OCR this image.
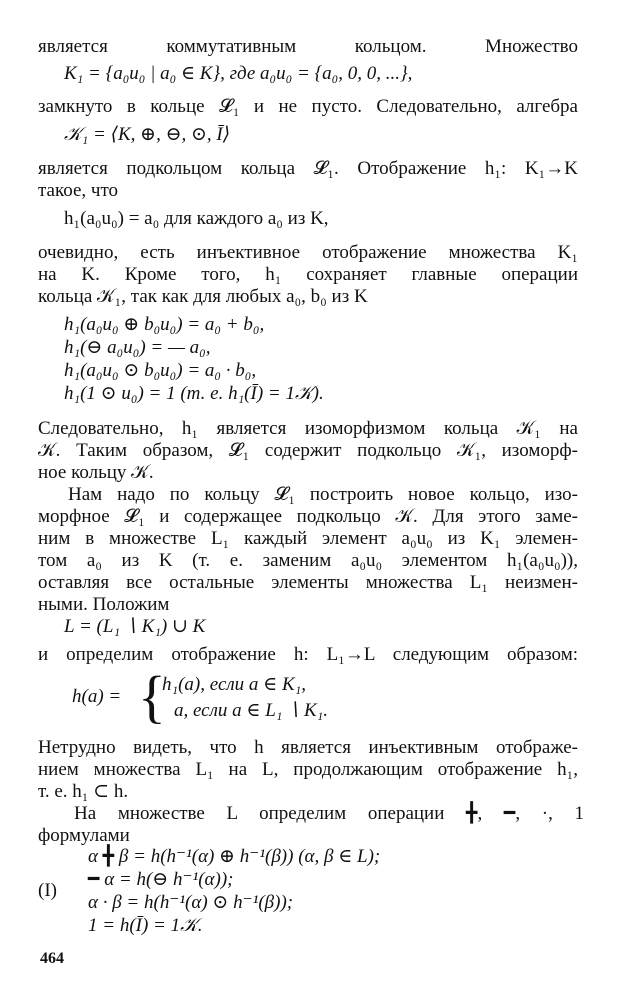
является коммутативным кольцом. Множество
K₁ = {a₀u₀ | a₀ ∈ K}, где a₀u₀ = {a₀, 0, 0, ...},
замкнуто в кольце 𝓛₁ и не пусто. Следовательно, алгебра
𝒦₁ = ⟨K, ⊕, ⊖, ⊙, Ī⟩
является подкольцом кольца 𝓛₁. Отображение h₁: K₁→K
такое, что
h₁(a₀u₀) = a₀ для каждого a₀ из K,
очевидно, есть инъективное отображение множества K₁
на K. Кроме того, h₁ сохраняет главные операции
кольца 𝒦₁, так как для любых a₀, b₀ из K
h₁(a₀u₀ ⊕ b₀u₀) = a₀ + b₀,
h₁(⊖ a₀u₀) = — a₀,
h₁(a₀u₀ ⊙ b₀u₀) = a₀ · b₀,
h₁(1 ⊙ u₀) = 1 (т. е. h₁(Ī) = 1𝒦).
Следовательно, h₁ является изоморфизмом кольца 𝒦₁ на
𝒦. Таким образом, 𝓛₁ содержит подкольцо 𝒦₁, изоморф-
ное кольцу 𝒦.
Нам надо по кольцу 𝓛₁ построить новое кольцо, изо-
морфное 𝓛₁ и содержащее подкольцо 𝒦. Для этого заме-
ним в множестве L₁ каждый элемент a₀u₀ из K₁ элемен-
том a₀ из K (т. е. заменим a₀u₀ элементом h₁(a₀u₀)),
оставляя все остальные элементы множества L₁ неизмен-
ными. Положим
L = (L₁ ∖ K₁) ∪ K
и определим отображение h: L₁→L следующим образом:
h(a) = {
h₁(a), если a ∈ K₁,
a, если a ∈ L₁ ∖ K₁.
Нетрудно видеть, что h является инъективным отображе-
нием множества L₁ на L, продолжающим отображение h₁,
т. е. h₁ ⊂ h.
На множестве L определим операции ╋, ━, ·, 1
формулами
(I)
α ╋ β = h(h⁻¹(α) ⊕ h⁻¹(β)) (α, β ∈ L);
━ α = h(⊖ h⁻¹(α));
α · β = h(h⁻¹(α) ⊙ h⁻¹(β));
1 = h(Ī) = 1𝒦.
464
